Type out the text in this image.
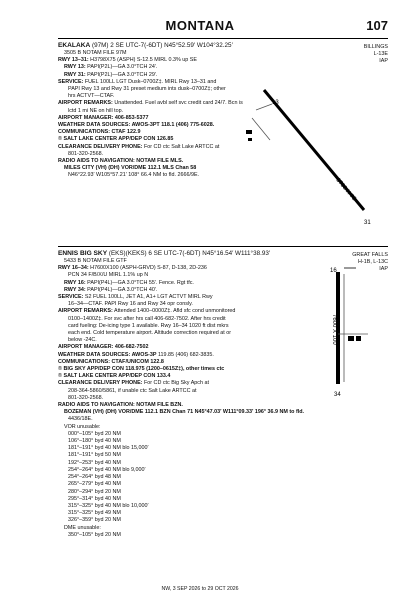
MONTANA	107
EKALAKA (97M) 2 SE UTC-7(-6DT) N45°52.59′ W104°32.25′
3505 B NOTAM FILE 97M
RWY 13–31: H3798X75 (ASPH) S-12.5 MIRL 0.3% up SE
RWY 13: PAPI(P2L)—GA 3.0°TCH 24′.
RWY 31: PAPI(P2L)—GA 3.0°TCH 29′.
SERVICE: FUEL 100LL LGT Dusk–0700Z‡. MIRL Rwy 13–31 and
PAPI Rwy 13 and Rwy 31 preset medium ints dusk–0700Z‡; other
hrs ACTVT—CTAF.
AIRPORT REMARKS: Unattended. Fuel avbl self svc credit card 24/7. Bcn is
lctd 1 mi NE on hill top.
AIRPORT MANAGER: 406-853-5377
WEATHER DATA SOURCES: AWOS-3PT 118.1 (406) 775-6028.
COMMUNICATIONS: CTAF 122.9
® SALT LAKE CENTER APP/DEP CON 126.85
CLEARANCE DELIVERY PHONE: For CD ctc Salt Lake ARTCC at
801-320-2568.
RADIO AIDS TO NAVIGATION: NOTAM FILE MLS.
MILES CITY (VH) (DH) VOR/DME 112.1 MLS Chan 58
N46°22.93′ W105°57.21′ 108° 66.4 NM to fld. 2666/9E.
BILLINGS
L-13E
IAP
13
31
3798 X 75
ENNIS BIG SKY (EKS)(KEKS) 6 SE UTC-7(-6DT) N45°16.54′ W111°38.93′
5433 B NOTAM FILE GTF
RWY 16–34: H7600X100 (ASPH-GRVD) S-87, D-138, 2D-236
PCN 34 F/B/X/U MIRL 1.1% up N
RWY 16: PAPI(P4L)—GA 3.0°TCH 55′. Fence. Rgt tfc.
RWY 34: PAPI(P4L)—GA 3.0°TCH 40′.
SERVICE: S2 FUEL 100LL, JET A1, A1+ LGT ACTVT MIRL Rwy
16–34—CTAF. PAPI Rwy 16 and Rwy 34 opr consly.
AIRPORT REMARKS: Attended 1400–0000Z‡. Afld sfc cond unmonitored
0100–1400Z‡. For svc after hrs call 406-682-7502. After hrs credit
card fueling: De-icing type 1 available. Rwy 16–34 1020 ft dist mkrs
each end. Cold temperature airport. Altitude correction required at or
below -24C.
AIRPORT MANAGER: 406-682-7502
WEATHER DATA SOURCES: AWOS-3P 119.85 (406) 682-3835.
COMMUNICATIONS: CTAF/UNICOM 122.8
® BIG SKY APP/DEP CON 118.975 (1200–0615Z‡), other times ctc
® SALT LAKE CENTER APP/DEP CON 133.4
CLEARANCE DELIVERY PHONE: For CD ctc Big Sky Apch at
208-364-5860/5861, if unable ctc Salt Lake ARTCC at
801-320-2568.
RADIO AIDS TO NAVIGATION: NOTAM FILE BZN.
BOZEMAN (VH) (DH) VOR/DME 112.1 BZN Chan 71 N45°47.03′ W111°09.33′ 196° 36.9 NM to fld.
4436/18E.
VOR unusable:
000°–105° byd 20 NM
106°–180° byd 40 NM
181°–191° byd 40 NM blo 15,000′
181°–191° byd 50 NM
192°–253° byd 40 NM
254°–264° byd 40 NM blo 9,000′
254°–264° byd 48 NM
265°–279° byd 40 NM
280°–294° byd 20 NM
295°–314° byd 40 NM
315°–325° byd 40 NM blo 10,000′
315°–325° byd 49 NM
326°–359° byd 20 NM
DME unusable:
350°–105° byd 20 NM
GREAT FALLS
H-1B, L-13C
IAP
16
34
7600 X 100
NW, 3 SEP 2026 to 29 OCT 2026
